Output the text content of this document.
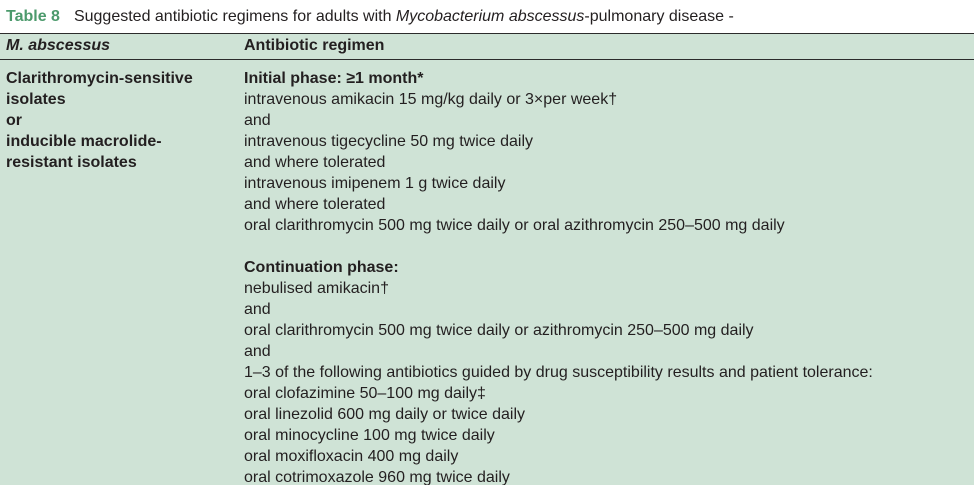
Table 8 Suggested antibiotic regimens for adults with Mycobacterium abscessus -pulmonary disease -
M. abscessus	Antibiotic regimen
Clarithromycin-sensitive
isolates
or
inducible macrolide-
resistant isolates
Initial phase: ≥1 month*
intravenous amikacin 15 mg/kg daily or 3×per week†
and
intravenous tigecycline 50 mg twice daily
and where tolerated
intravenous imipenem 1 g twice daily
and where tolerated
oral clarithromycin 500 mg twice daily or oral azithromycin 250–500 mg daily
Continuation phase:
nebulised amikacin†
and
oral clarithromycin 500 mg twice daily or azithromycin 250–500 mg daily
and
1–3 of the following antibiotics guided by drug susceptibility results and patient tolerance:
oral clofazimine 50–100 mg daily‡
oral linezolid 600 mg daily or twice daily
oral minocycline 100 mg twice daily
oral moxifloxacin 400 mg daily
oral cotrimoxazole 960 mg twice daily
